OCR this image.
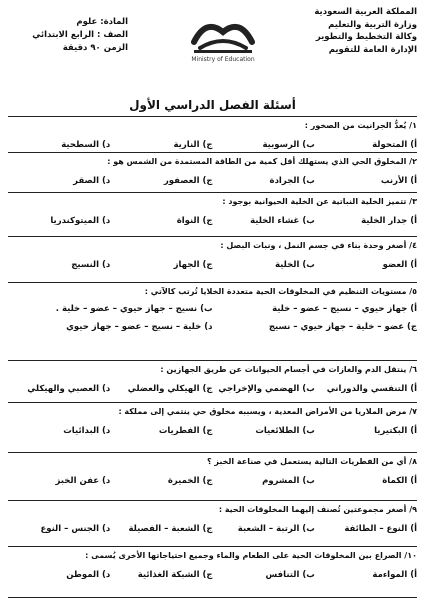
المملكة العربية السعودية
وزارة التربية والتعليم
وكالة التخطيط والتطوير
الإدارة العامة للتقويم
Ministry of Education
المادة: علوم
الصف : الرابع الابتدائي
الزمن ٩٠ دقيقة
أسئلة الفصل الدراسي الأول
١/ يُعدُّ الجرانيت من الصخور :
أ) المتحولة
ب) الرسوبية
ج) النارية
د) السطحية
٢/ المخلوق الحي الذي يستهلك أقل كمية من الطاقة المستمدة من الشمس هو :
أ) الأرنب
ب) الجرادة
ج) العصفور
د) الصقر
٣/ تتميز الخلية النباتية عن الخلية الحيوانية بوجود :
أ) جدار الخلية
ب) غشاء الخلية
ج) النواة
د) الميتوكندريا
٤/ أصغر وحدة بناء في جسم النمل ، ونبات البصل :
أ) العضو
ب) الخلية
ج) الجهاز
د) النسيج
٥/ مستويات التنظيم في المخلوقات الحية متعددة الخلايا تُرتب كالآتي :
أ) جهاز حيوي – نسيج – عضو – خلية
ب) نسيج – جهاز حيوي – عضو – خلية .
ج) عضو – خلية – جهاز حيوي – نسيج
د) خلية – نسيج – عضو – جهاز حيوي
٦/ ينتقل الدم والغازات في أجسام الحيوانات عن طريق الجهازين :
أ) التنفسي والدوراني
ب) الهضمي والإخراجي
ج) الهيكلي والعضلي
د) العصبي والهيكلي
٧/ مرض الملاريا من الأمراض المعدية ، ويسببه مخلوق حي ينتمي إلى مملكة :
أ) البكتيريا
ب) الطلائعيات
ج) الفطريات
د) البدائيات
٨/ أي من الفطريات التالية يستعمل في صناعة الخبز ؟
أ) الكماة
ب) المشروم
ج) الخميرة
د) عفن الخبز
٩/ أصغر مجموعتين تُصنف إليهما المخلوقات الحية :
أ) النوع – الطائفة
ب) الرتبة – الشعبة
ج) الشعبة – الفصيلة
د) الجنس – النوع
١٠/ الصراع بين المخلوقات الحية على الطعام والماء وجميع احتياجاتها الأخرى يُسمى :
أ) المواءمة
ب) التنافس
ج) الشبكة الغذائية
د) الموطن
